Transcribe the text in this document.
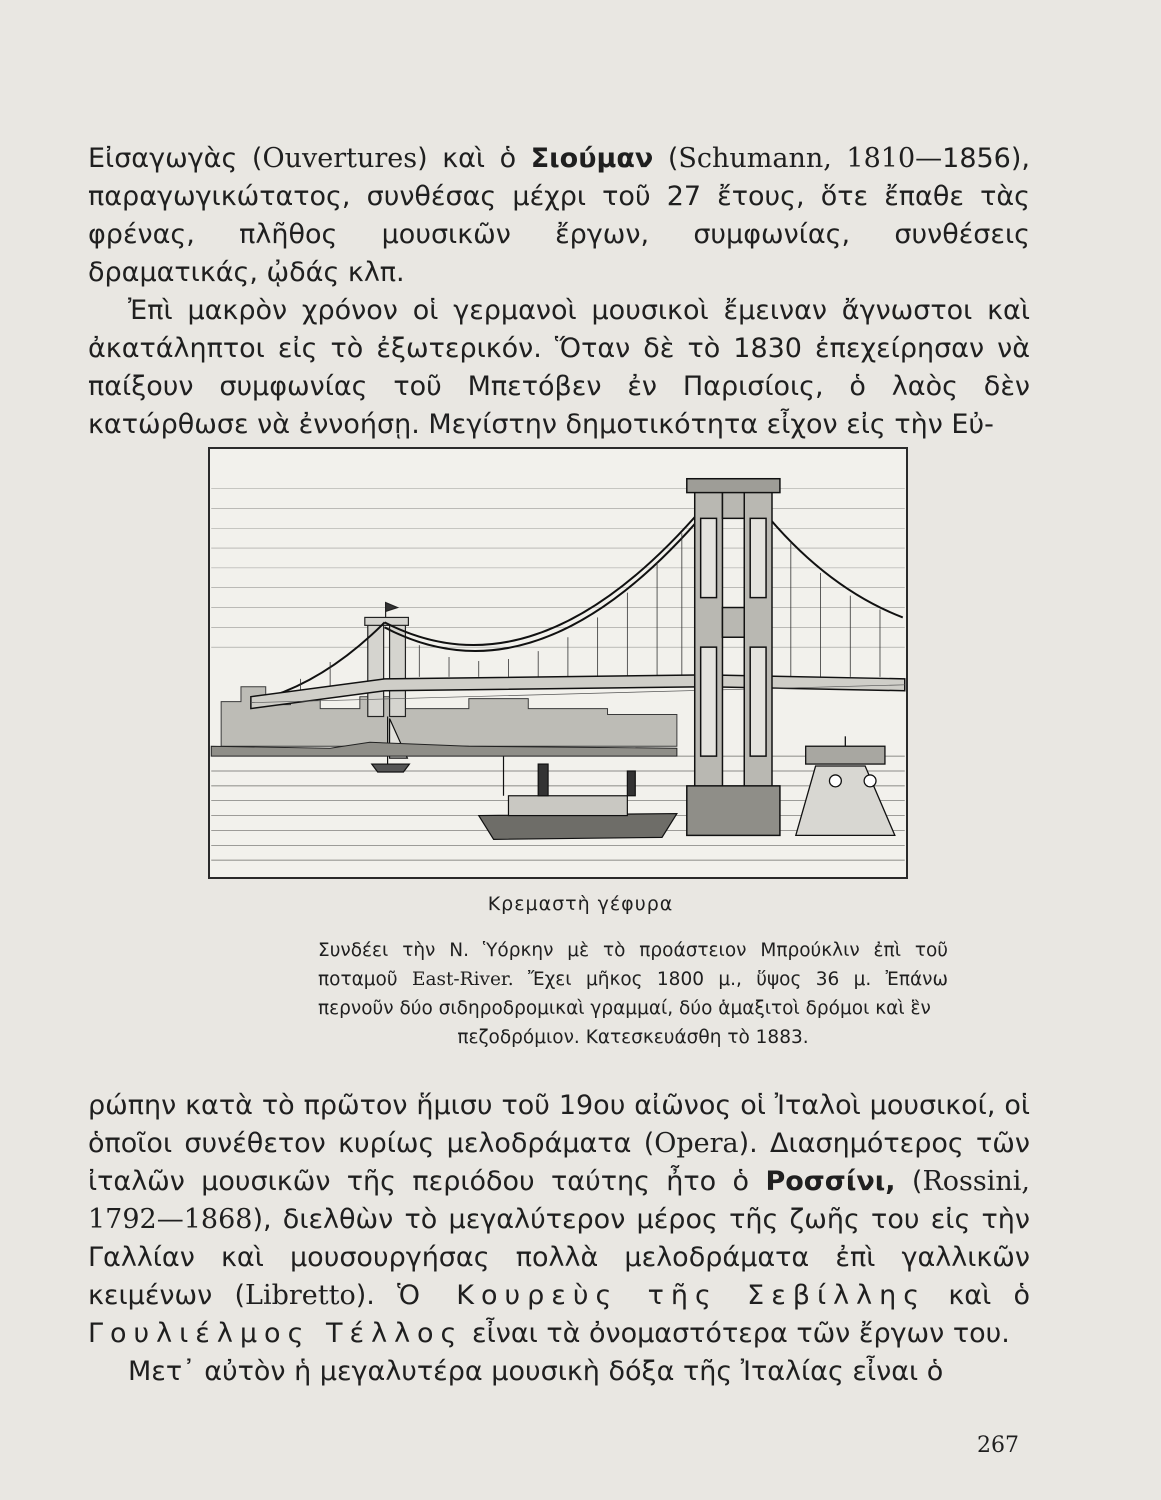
Εἰσαγωγὰς (Ouvertures) καὶ ὁ Σιούμαν (Schumann, 1810—1856), παραγωγικώτατος, συνθέσας μέχρι τοῦ 27 ἔτους, ὅτε ἔπαθε τὰς φρένας, πλῆθος μουσικῶν ἔργων, συμφωνίας, συνθέσεις δραματικάς, ᾠδάς κλπ.

Ἐπὶ μακρὸν χρόνον οἱ γερμανοὶ μουσικοὶ ἔμειναν ἄγνωστοι καὶ ἀκατάληπτοι εἰς τὸ ἐξωτερικόν. Ὅταν δὲ τὸ 1830 ἐπεχείρησαν νὰ παίξουν συμφωνίας τοῦ Μπετόβεν ἐν Παρισίοις, ὁ λαὸς δὲν κατώρθωσε νὰ ἐννοήσῃ. Μεγίστην δημοτικότητα εἶχον εἰς τὴν Εὐ-

Κρεμαστὴ γέφυρα
Συνδέει τὴν Ν. Ὑόρκην μὲ τὸ προάστειον Μπρούκλιν ἐπὶ τοῦ ποταμοῦ East-River. Ἔχει μῆκος 1800 μ., ὕψος 36 μ. Ἐπάνω περνοῦν δύο σιδηροδρομικαὶ γραμμαί, δύο ἁμαξιτοὶ δρόμοι καὶ ἓν
πεζοδρόμιον. Κατεσκευάσθη τὸ 1883.

ρώπην κατὰ τὸ πρῶτον ἥμισυ τοῦ 19ου αἰῶνος οἱ Ἰταλοὶ μουσικοί, οἱ ὁποῖοι συνέθετον κυρίως μελοδράματα (Opera). Διασημότερος τῶν ἰταλῶν μουσικῶν τῆς περιόδου ταύτης ἦτο ὁ Ροσσίνι, (Rossini, 1792—1868), διελθὼν τὸ μεγαλύτερον μέρος τῆς ζωῆς του εἰς τὴν Γαλλίαν καὶ μουσουργήσας πολλὰ μελοδράματα ἐπὶ γαλλικῶν κειμένων (Libretto). Ὁ Κουρεὺς τῆς Σεβίλλης καὶ ὁ Γουλιέλμος Τέλλος εἶναι τὰ ὀνομαστότερα τῶν ἔργων του.

Μετ᾽ αὐτὸν ἡ μεγαλυτέρα μουσικὴ δόξα τῆς Ἰταλίας εἶναι ὁ

267
